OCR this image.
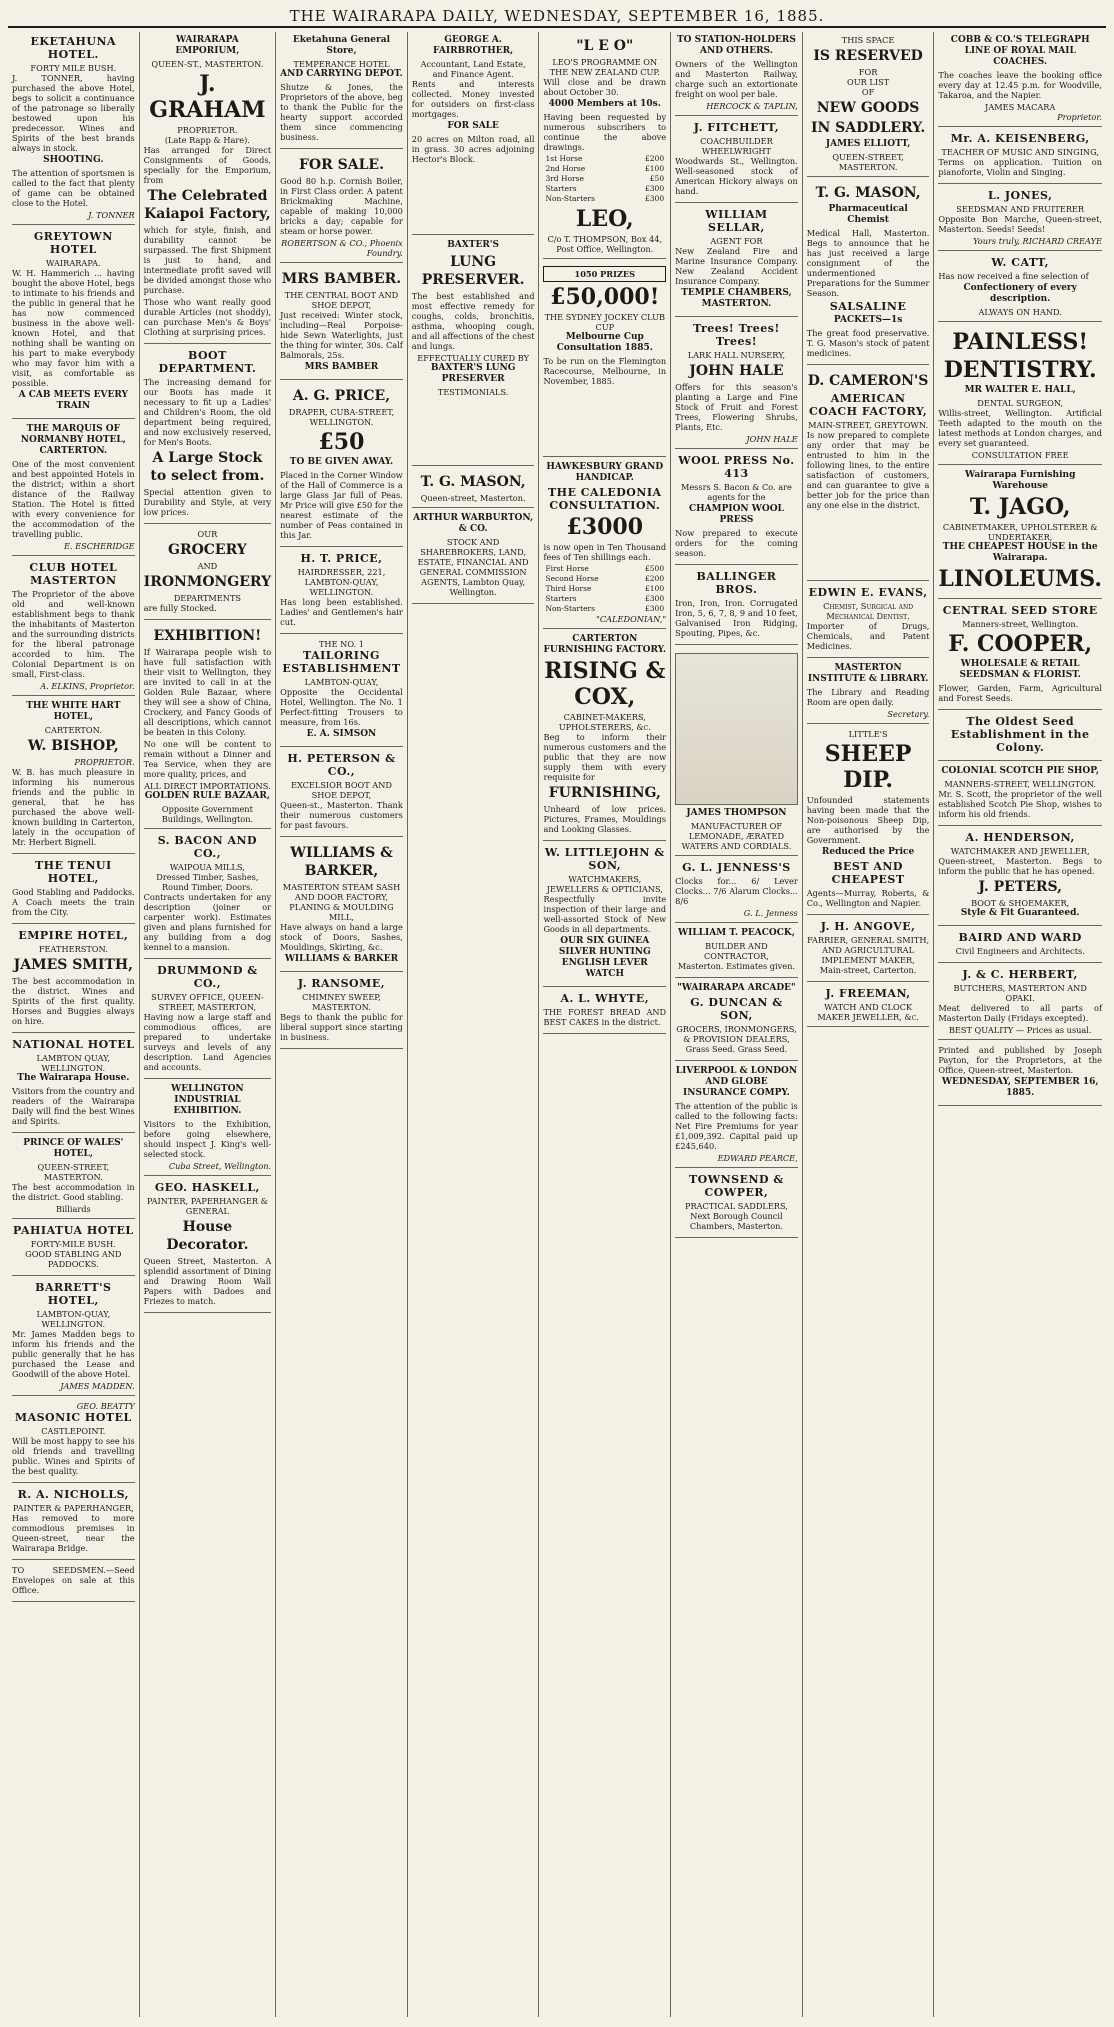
THE WAIRARAPA DAILY, WEDNESDAY, SEPTEMBER 16, 1885.
EKETAHUNA HOTEL.
FORTY MILE BUSH.

J. TONNER, having purchased the above Hotel, begs to solicit a continuance of the patronage so liberally bestowed upon his predecessor. Wines and Spirits of the best brands always in stock.

SHOOTING.

The attention of sportsmen is called to the fact that plenty of game can be obtained close to the Hotel.

J. TONNER
GREYTOWN HOTEL
WAIRARAPA.

W. H. Hammerich ... having bought the above Hotel, begs to intimate to his friends and the public in general that he has now commenced business in the above well-known Hotel, and that nothing shall be wanting on his part to make everybody who may favor him with a visit, as comfortable as possible.

A CAB MEETS EVERY TRAIN
THE MARQUIS OF NORMANBY HOTEL, CARTERTON.

One of the most convenient and best appointed Hotels in the district; within a short distance of the Railway Station. The Hotel is fitted with every convenience for the accommodation of the travelling public.

E. ESCHERIDGE
CLUB HOTEL MASTERTON

The Proprietor of the above old and well-known establishment begs to thank the inhabitants of Masterton and the surrounding districts for the liberal patronage accorded to him. The Colonial Department is on small, First-class.

A. ELKINS, Proprietor.
THE WHITE HART HOTEL,
CARTERTON.
W. BISHOP,
PROPRIETOR.

W. B. has much pleasure in informing his numerous friends and the public in general, that he has purchased the above well-known building in Carterton, lately in the occupation of Mr. Herbert Bignell.

THE TENUI HOTEL,

Good Stabling and Paddocks. A Coach meets the train from the City.

EMPIRE HOTEL,
FEATHERSTON.
JAMES SMITH,

The best accommodation in the district. Wines and Spirits of the first quality. Horses and Buggies always on hire.

NATIONAL HOTEL
LAMBTON QUAY, WELLINGTON.
The Wairarapa House.

Visitors from the country and readers of the Wairarapa Daily will find the best Wines and Spirits.

PRINCE OF WALES' HOTEL,
QUEEN-STREET, MASTERTON.

The best accommodation in the district. Good stabling.

Billiards
PAHIATUA HOTEL
FORTY-MILE BUSH.

GOOD STABLING AND PADDOCKS.

BARRETT'S HOTEL,
LAMBTON-QUAY,
WELLINGTON.

Mr. James Madden begs to inform his friends and the public generally that he has purchased the Lease and Goodwill of the above Hotel.

JAMES MADDEN.
GEO. BEATTY
MASONIC HOTEL
CASTLEPOINT.

Will be most happy to see his old friends and travelling public. Wines and Spirits of the best quality.

R. A. NICHOLLS,
PAINTER & PAPERHANGER,

Has removed to more commodious premises in Queen-street, near the Wairarapa Bridge.

TO SEEDSMEN.—Seed Envelopes on sale at this Office.

WAIRARAPA EMPORIUM,
QUEEN-ST., MASTERTON.
J. GRAHAM
PROPRIETOR.
(Late Rapp & Hare).

Has arranged for Direct Consignments of Goods, specially for the Emporium, from

The Celebrated Kaiapoi Factory,

which for style, finish, and durability cannot be surpassed. The first Shipment is just to hand, and intermediate profit saved will be divided amongst those who purchase.

Those who want really good durable Articles (not shoddy), can purchase Men's & Boys' Clothing at surprising prices.

BOOT DEPARTMENT.

The increasing demand for our Boots has made it necessary to fit up a Ladies' and Children's Room, the old department being required, and now exclusively reserved, for Men's Boots.

A Large Stock to select from.

Special attention given to Durability and Style, at very low prices.

OUR
GROCERY
AND
IRONMONGERY
DEPARTMENTS

are fully Stocked.

EXHIBITION!

If Wairarapa people wish to have full satisfaction with their visit to Wellington, they are invited to call in at the Golden Rule Bazaar, where they will see a show of China, Crockery, and Fancy Goods of all descriptions, which cannot be beaten in this Colony.

No one will be content to remain without a Dinner and Tea Service, when they are more quality, prices, and

ALL DIRECT IMPORTATIONS.
GOLDEN RULE BAZAAR,
Opposite Government Buildings, Wellington.
S. BACON AND CO.,
WAIPOUA MILLS,
Dressed Timber, Sashes, Round Timber, Doors.

Contracts undertaken for any description (joiner or carpenter work). Estimates given and plans furnished for any building from a dog kennel to a mansion.

DRUMMOND & CO.,
SURVEY OFFICE, QUEEN-STREET, MASTERTON,

Having now a large staff and commodious offices, are prepared to undertake surveys and levels of any description. Land Agencies and accounts.

WELLINGTON INDUSTRIAL EXHIBITION.

Visitors to the Exhibition, before going elsewhere, should inspect J. King's well-selected stock.

Cuba Street, Wellington.
GEO. HASKELL,
PAINTER, PAPERHANGER & GENERAL
House Decorator.

Queen Street, Masterton. A splendid assortment of Dining and Drawing Room Wall Papers with Dadoes and Friezes to match.

Eketahuna General Store,
TEMPERANCE HOTEL
AND CARRYING DEPOT.

Shutze & Jones, the Proprietors of the above, beg to thank the Public for the hearty support accorded them since commencing business.

FOR SALE.

Good 80 h.p. Cornish Boiler, in First Class order. A patent Brickmaking Machine, capable of making 10,000 bricks a day; capable for steam or horse power.

ROBERTSON & CO., Phoenix Foundry.
MRS BAMBER.
THE CENTRAL BOOT AND SHOE DEPOT,

Just received: Winter stock, including—Real Porpoise-hide Sewn Waterlights, just the thing for winter, 30s. Calf Balmorals, 25s.

MRS BAMBER
A. G. PRICE,
DRAPER, CUBA-STREET, WELLINGTON.
£50
TO BE GIVEN AWAY.

Placed in the Corner Window of the Hall of Commerce is a large Glass Jar full of Peas. Mr Price will give £50 for the nearest estimate of the number of Peas contained in this Jar.

H. T. PRICE,
HAIRDRESSER, 221, LAMBTON-QUAY, WELLINGTON.

Has long been established. Ladies' and Gentlemen's hair cut.

THE NO. 1
TAILORING ESTABLISHMENT
LAMBTON-QUAY,

Opposite the Occidental Hotel, Wellington. The No. 1 Perfect-fitting Trousers to measure, from 16s.

E. A. SIMSON
H. PETERSON & CO.,
EXCELSIOR BOOT AND SHOE DEPOT,

Queen-st., Masterton. Thank their numerous customers for past favours.

WILLIAMS & BARKER,
MASTERTON STEAM SASH AND DOOR FACTORY, PLANING & MOULDING MILL,

Have always on hand a large stock of Doors, Sashes, Mouldings, Skirting, &c.

WILLIAMS & BARKER
J. RANSOME,
CHIMNEY SWEEP, MASTERTON.

Begs to thank the public for liberal support since starting in business.

GEORGE A. FAIRBROTHER,
Accountant, Land Estate, and Finance Agent.

Rents and interests collected. Money invested for outsiders on first-class mortgages.

FOR SALE

20 acres on Milton road, all in grass. 30 acres adjoining Hector's Block.

BAXTER'S
LUNG PRESERVER.

The best established and most effective remedy for coughs, colds, bronchitis, asthma, whooping cough, and all affections of the chest and lungs.

EFFECTUALLY CURED BY
BAXTER'S LUNG PRESERVER
TESTIMONIALS.
T. G. MASON,
Queen-street, Masterton.
ARTHUR WARBURTON, & CO.

STOCK AND SHAREBROKERS, LAND, ESTATE, FINANCIAL AND GENERAL COMMISSION AGENTS, Lambton Quay, Wellington.

"L E O"
LEO'S PROGRAMME ON THE NEW ZEALAND CUP.

Will close and be drawn about October 30.

4000 Members at 10s.

Having been requested by numerous subscribers to continue the above drawings.

1st Horse	£200
2nd Horse	£100
3rd Horse	£50
Starters	£300
Non-Starters	£300
LEO,
C/o T. THOMPSON, Box 44, Post Office, Wellington.
1050 PRIZES
£50,000!
THE SYDNEY JOCKEY CLUB CUP
Melbourne Cup Consultation 1885.

To be run on the Flemington Racecourse, Melbourne, in November, 1885.

HAWKESBURY GRAND HANDICAP.
THE CALEDONIA CONSULTATION.
£3000

is now open in Ten Thousand fees of Ten shillings each.

First Horse	£500
Second Horse	£200
Third Horse	£100
Starters	£300
Non-Starters	£300
"CALEDONIAN,"
CARTERTON FURNISHING FACTORY.
RISING & COX,
CABINET-MAKERS, UPHOLSTERERS, &c.

Beg to inform their numerous customers and the public that they are now supply them with every requisite for

FURNISHING,

Unheard of low prices. Pictures, Frames, Mouldings and Looking Glasses.

W. LITTLEJOHN & SON,
WATCHMAKERS, JEWELLERS & OPTICIANS,

Respectfully invite inspection of their large and well-assorted Stock of New Goods in all departments.

OUR SIX GUINEA SILVER HUNTING ENGLISH LEVER WATCH
A. L. WHYTE,

THE FOREST BREAD AND BEST CAKES in the district.

TO STATION-HOLDERS AND OTHERS.

Owners of the Wellington and Masterton Railway, charge such an extortionate freight on wool per bale.

HERCOCK & TAPLIN,
J. FITCHETT,
COACHBUILDER WHEELWRIGHT

Woodwards St., Wellington. Well-seasoned stock of American Hickory always on hand.

WILLIAM SELLAR,
AGENT FOR

New Zealand Fire and Marine Insurance Company. New Zealand Accident Insurance Company.

TEMPLE CHAMBERS, MASTERTON.
Trees! Trees! Trees!
LARK HALL NURSERY,
JOHN HALE

Offers for this season's planting a Large and Fine Stock of Fruit and Forest Trees, Flowering Shrubs, Plants, Etc.

JOHN HALE
WOOL PRESS No. 413

Messrs S. Bacon & Co. are agents for the

CHAMPION WOOL PRESS

Now prepared to execute orders for the coming season.

BALLINGER BROS.

Iron, Iron, Iron. Corrugated Iron, 5, 6, 7, 8, 9 and 10 feet, Galvanised Iron Ridging, Spouting, Pipes, &c.

JAMES THOMPSON
MANUFACTURER OF LEMONADE, ÆRATED WATERS AND CORDIALS.
G. L. JENNESS'S

Clocks for... 6/ Lever Clocks... 7/6 Alarum Clocks... 8/6

G. L. Jenness
WILLIAM T. PEACOCK,
BUILDER AND CONTRACTOR,

Masterton. Estimates given.

"WAIRARAPA ARCADE"
G. DUNCAN & SON,
GROCERS, IRONMONGERS, & PROVISION DEALERS,

Grass Seed. Grass Seed.

LIVERPOOL & LONDON AND GLOBE INSURANCE COMPY.

The attention of the public is called to the following facts: Net Fire Premiums for year £1,009,392. Capital paid up £245,640.

EDWARD PEARCE,
TOWNSEND & COWPER,
PRACTICAL SADDLERS,

Next Borough Council Chambers, Masterton.

THIS SPACE
IS RESERVED
FOR
OUR LIST
OF
NEW GOODS
IN SADDLERY.
JAMES ELLIOTT,
QUEEN-STREET, MASTERTON.
T. G. MASON,
Pharmaceutical Chemist

Medical Hall, Masterton. Begs to announce that he has just received a large consignment of the undermentioned Preparations for the Summer Season.

SALSALINE
PACKETS—1s

The great food preservative. T. G. Mason's stock of patent medicines.

D. CAMERON'S
AMERICAN COACH FACTORY,
MAIN-STREET, GREYTOWN.

Is now prepared to complete any order that may be entrusted to him in the following lines, to the entire satisfaction of customers, and can guarantee to give a better job for the price than any one else in the district.

EDWIN E. EVANS,
Chemist, Surgical and Mechanical Dentist.

Importer of Drugs, Chemicals, and Patent Medicines.

MASTERTON INSTITUTE & LIBRARY.

The Library and Reading Room are open daily.

Secretary.
LITTLE'S
SHEEP DIP.

Unfounded statements having been made that the Non-poisonous Sheep Dip, are authorised by the Government.

Reduced the Price
BEST AND CHEAPEST

Agents—Murray, Roberts, & Co., Wellington and Napier.

J. H. ANGOVE,
FARRIER, GENERAL SMITH, AND AGRICULTURAL IMPLEMENT MAKER,

Main-street, Carterton.

J. FREEMAN,
WATCH AND CLOCK MAKER JEWELLER, &c.
COBB & CO.'S TELEGRAPH LINE OF ROYAL MAIL COACHES.

The coaches leave the booking office every day at 12.45 p.m. for Woodville, Takaroa, and the Napier.

JAMES MACARA
Proprietor.
Mr. A. KEISENBERG,
TEACHER OF MUSIC AND SINGING,

Terms on application. Tuition on pianoforte, Violin and Singing.

L. JONES,
SEEDSMAN AND FRUITERER

Opposite Bon Marche, Queen-street, Masterton. Seeds! Seeds!

Yours truly, RICHARD CREAYE
W. CATT,

Has now received a fine selection of

Confectionery of every description.
ALWAYS ON HAND.
PAINLESS!
DENTISTRY.
MR WALTER E. HALL,
DENTAL SURGEON,

Willis-street, Wellington. Artificial Teeth adapted to the mouth on the latest methods at London charges, and every set guaranteed.

CONSULTATION FREE
Wairarapa Furnishing Warehouse
T. JAGO,
CABINETMAKER, UPHOLSTERER & UNDERTAKER,
THE CHEAPEST HOUSE in the Wairarapa.
LINOLEUMS.
CENTRAL SEED STORE
Manners-street, Wellington.
F. COOPER,
WHOLESALE & RETAIL SEEDSMAN & FLORIST.

Flower, Garden, Farm, Agricultural and Forest Seeds.

The Oldest Seed Establishment in the Colony.
COLONIAL SCOTCH PIE SHOP,
MANNERS-STREET, WELLINGTON.

Mr. S. Scott, the proprietor of the well established Scotch Pie Shop, wishes to inform his old friends.

A. HENDERSON,
WATCHMAKER AND JEWELLER,

Queen-street, Masterton. Begs to inform the public that he has opened.

J. PETERS,
BOOT & SHOEMAKER,
Style & Fit Guaranteed.
BAIRD AND WARD

Civil Engineers and Architects.

J. & C. HERBERT,
BUTCHERS, MASTERTON AND OPAKI.

Meat delivered to all parts of Masterton Daily (Fridays excepted).

BEST QUALITY — Prices as usual.

Printed and published by Joseph Payton, for the Proprietors, at the Office, Queen-street, Masterton.

WEDNESDAY, SEPTEMBER 16, 1885.
